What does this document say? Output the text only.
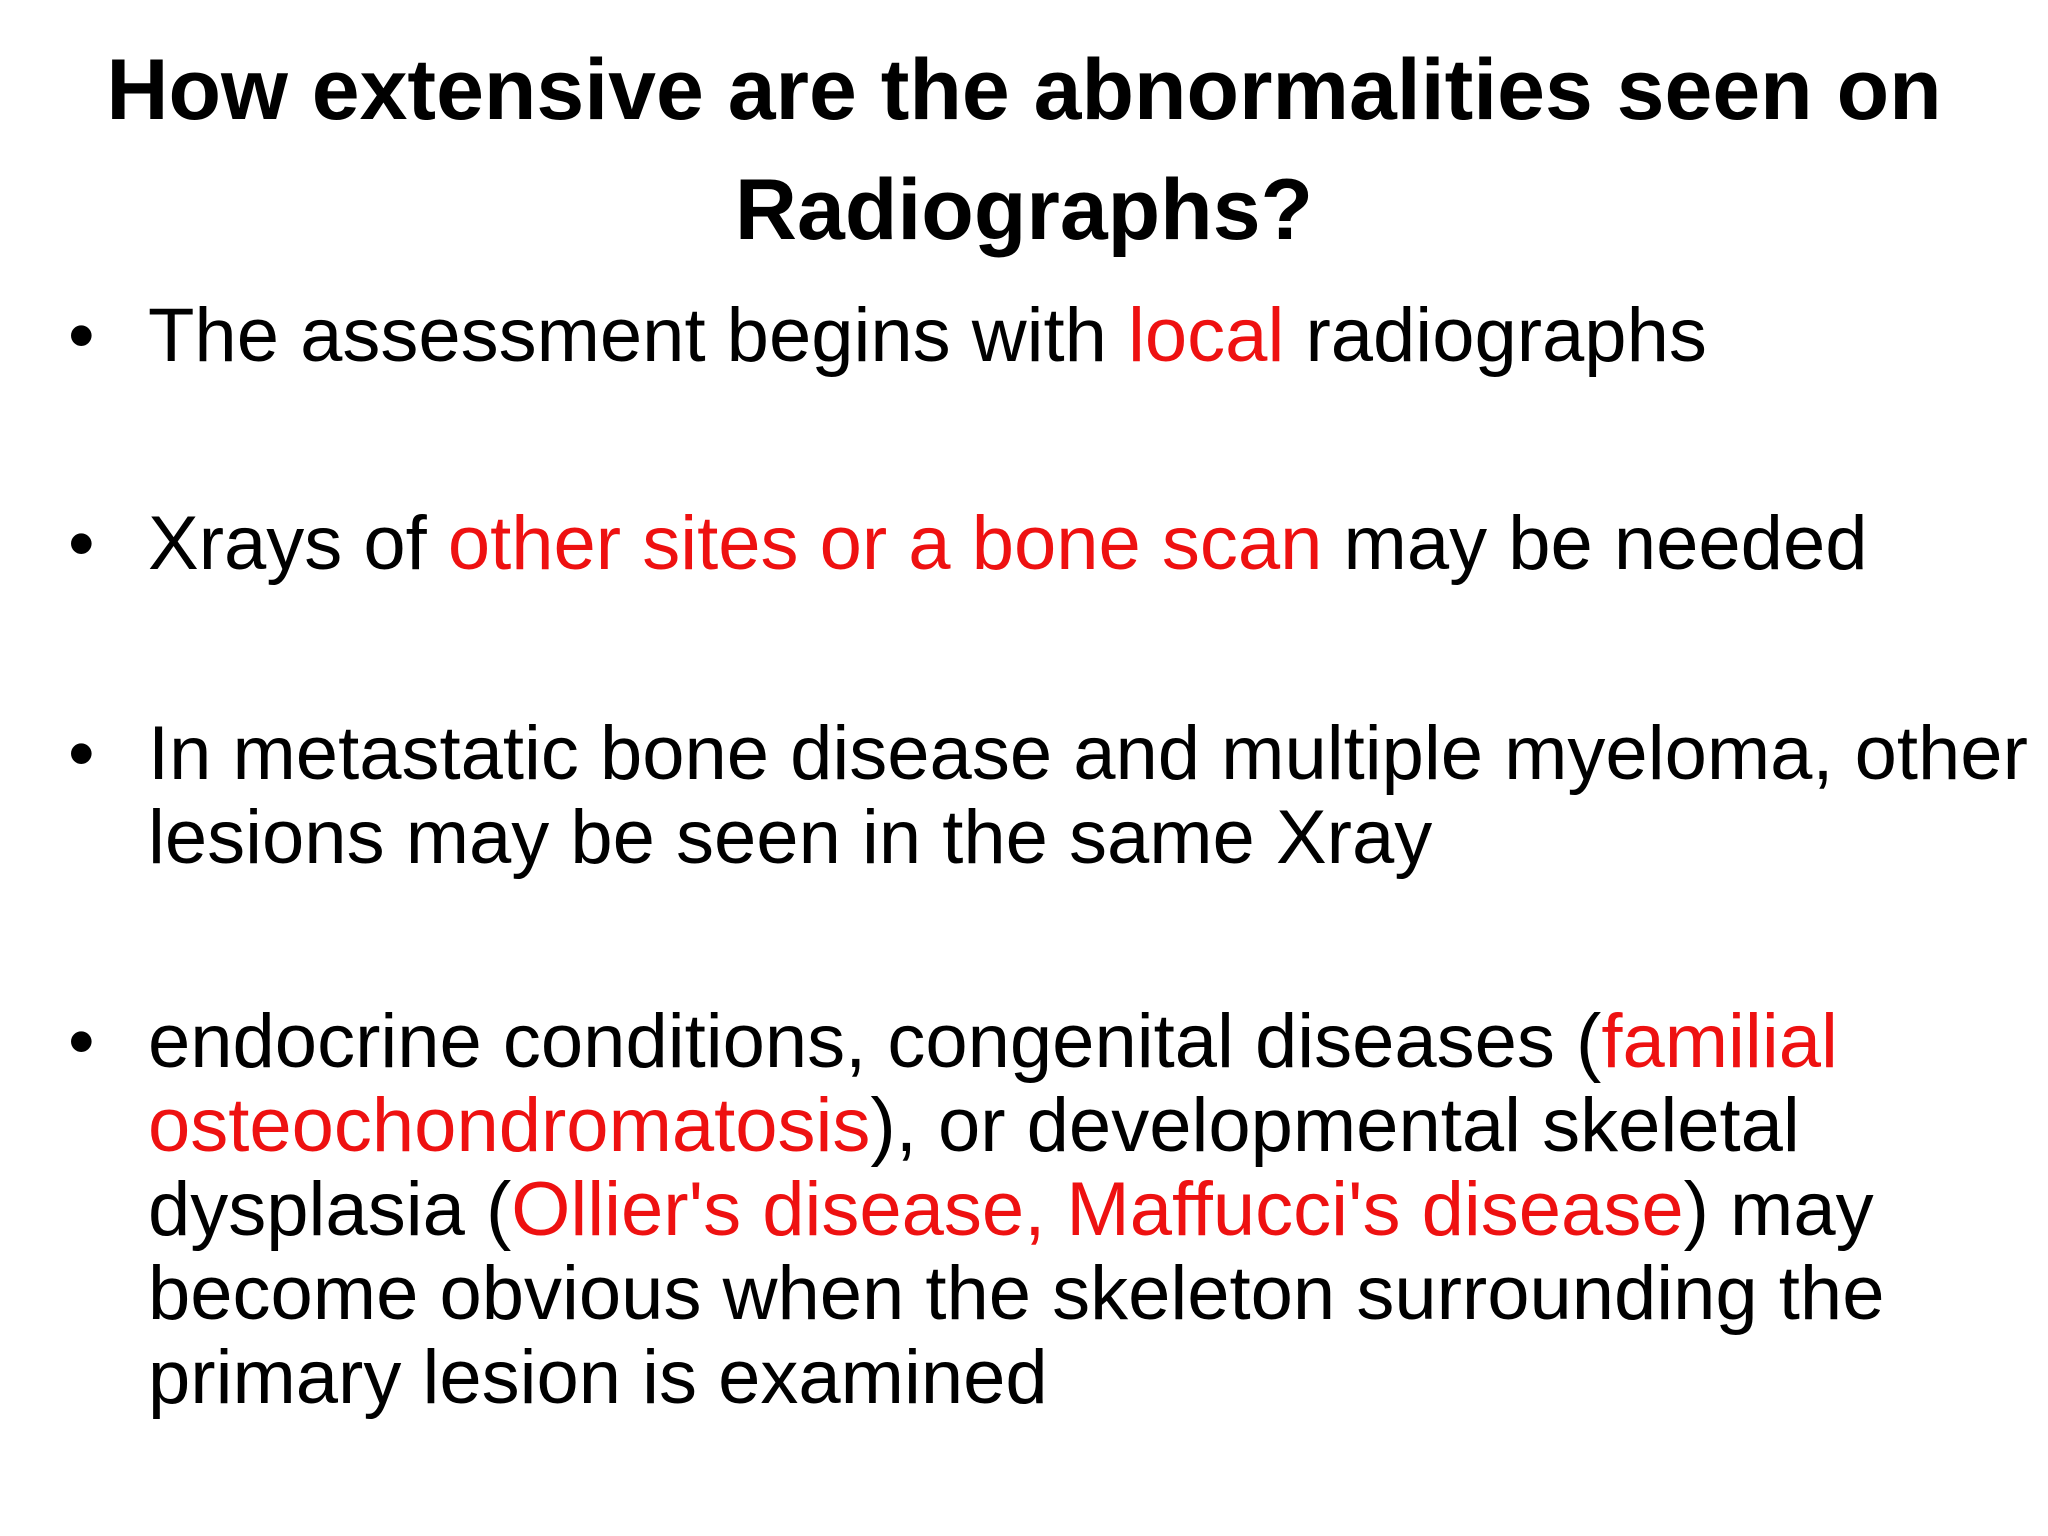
How extensive are the abnormalities seen on Radiographs?
• The assessment begins with local radiographs
• Xrays of other sites or a bone scan may be needed
• In metastatic bone disease and multiple myeloma, other lesions may be seen in the same Xray
• endocrine conditions, congenital diseases (familial osteochondromatosis), or developmental skeletal dysplasia (Ollier's disease, Maffucci's disease) may become obvious when the skeleton surrounding the primary lesion is examined
